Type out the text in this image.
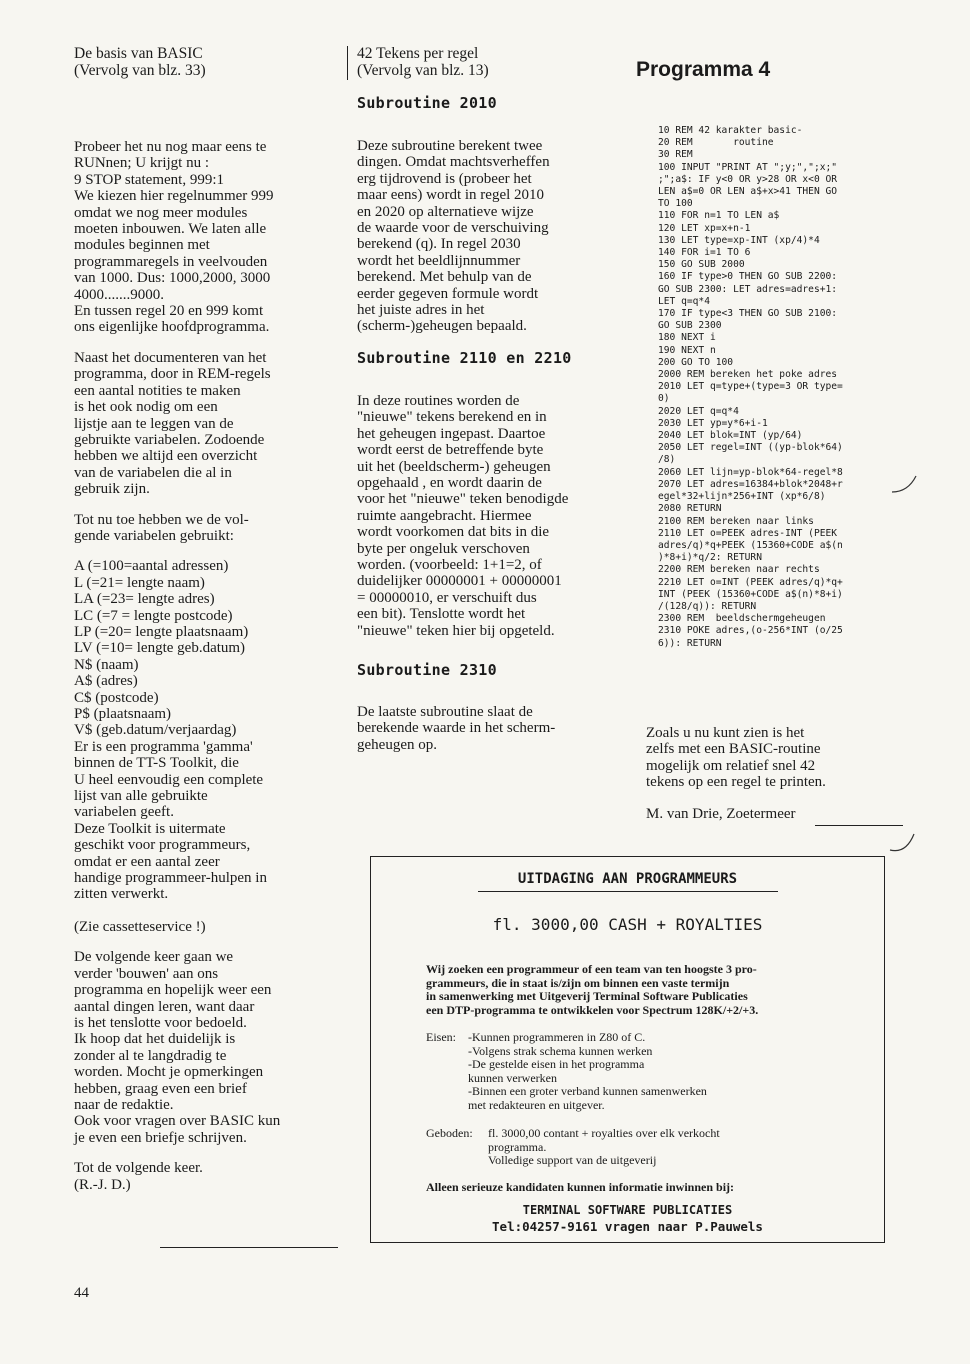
De basis van BASIC
(Vervolg van blz. 33)

Probeer het nu nog maar eens te
RUNnen; U krijgt nu :
9 STOP statement, 999:1
We kiezen hier regelnummer 999
omdat we nog meer modules
moeten inbouwen. We laten alle
modules beginnen met
programmaregels in veelvouden
van 1000. Dus: 1000,2000, 3000
4000.......9000.
En tussen regel 20 en 999 komt
ons eigenlijke hoofdprogramma.

Naast het documenteren van het
programma, door in REM-regels
een aantal notities te maken
is het ook nodig om een
lijstje aan te leggen van de
gebruikte variabelen. Zodoende
hebben we altijd een overzicht
van de variabelen die al in
gebruik zijn.

Tot nu toe hebben we de vol-
gende variabelen gebruikt:

A (=100=aantal adressen)
L (=21= lengte naam)
LA (=23= lengte adres)
LC (=7 = lengte postcode)
LP (=20= lengte plaatsnaam)
LV (=10= lengte geb.datum)
N$ (naam)
A$ (adres)
C$ (postcode)
P$ (plaatsnaam)
V$ (geb.datum/verjaardag)
Er is een programma 'gamma'
binnen de TT-S Toolkit, die
U heel eenvoudig een complete
lijst van alle gebruikte
variabelen geeft.
Deze Toolkit is uitermate
geschikt voor programmeurs,
omdat er een aantal zeer
handige programmeer-hulpen in
zitten verwerkt.

(Zie cassetteservice !)

De volgende keer gaan we
verder 'bouwen' aan ons
programma en hopelijk weer een
aantal dingen leren, want daar
is het tenslotte voor bedoeld.
Ik hoop dat het duidelijk is
zonder al te langdradig te
worden. Mocht je opmerkingen
hebben, graag even een brief
naar de redaktie.
Ook voor vragen over BASIC kun
je even een briefje schrijven.

Tot de volgende keer.
(R.-J. D.)

44

42 Tekens per regel
(Vervolg van blz. 13)

Subroutine 2010

Deze subroutine berekent twee
dingen. Omdat machtsverheffen
erg tijdrovend is (probeer het
maar eens) wordt in regel 2010
en 2020 op alternatieve wijze
de waarde voor de verschuiving
berekend (q). In regel 2030
wordt het beeldlijnnummer
berekend. Met behulp van de
eerder gegeven formule wordt
het juiste adres in het
(scherm-)geheugen bepaald.

Subroutine 2110 en 2210

In deze routines worden de
"nieuwe" tekens berekend en in
het geheugen ingepast. Daartoe
wordt eerst de betreffende byte
uit het (beeldscherm-) geheugen
opgehaald , en wordt daarin de
voor het "nieuwe" teken benodigde
ruimte aangebracht. Hiermee
wordt voorkomen dat bits in die
byte per ongeluk verschoven
worden. (voorbeeld: 1+1=2, of
duidelijker 00000001 + 00000001
= 00000010, er verschuift dus
een bit). Tenslotte wordt het
"nieuwe" teken hier bij opgeteld.

Subroutine 2310

De laatste subroutine slaat de
berekende waarde in het scherm-
geheugen op.

Programma 4

10 REM 42 karakter basic-
20 REM       routine
30 REM
100 INPUT "PRINT AT ";y;",";x;"
;";a$: IF y<0 OR y>28 OR x<0 OR
LEN a$=0 OR LEN a$+x>41 THEN GO
TO 100
110 FOR n=1 TO LEN a$
120 LET xp=x+n-1
130 LET type=xp-INT (xp/4)*4
140 FOR i=1 TO 6
150 GO SUB 2000
160 IF type>0 THEN GO SUB 2200:
GO SUB 2300: LET adres=adres+1:
LET q=q*4
170 IF type<3 THEN GO SUB 2100:
GO SUB 2300
180 NEXT i
190 NEXT n
200 GO TO 100
2000 REM bereken het poke adres
2010 LET q=type+(type=3 OR type=
0)
2020 LET q=q*4
2030 LET yp=y*6+i-1
2040 LET blok=INT (yp/64)
2050 LET regel=INT ((yp-blok*64)
/8)
2060 LET lijn=yp-blok*64-regel*8
2070 LET adres=16384+blok*2048+r
egel*32+lijn*256+INT (xp*6/8)
2080 RETURN
2100 REM bereken naar links
2110 LET o=PEEK adres-INT (PEEK
adres/q)*q+PEEK (15360+CODE a$(n
)*8+i)*q/2: RETURN
2200 REM bereken naar rechts
2210 LET o=INT (PEEK adres/q)*q+
INT (PEEK (15360+CODE a$(n)*8+i)
/(128/q)): RETURN
2300 REM  beeldschermgeheugen
2310 POKE adres,(o-256*INT (o/25
6)): RETURN

Zoals u nu kunt zien is het
zelfs met een BASIC-routine
mogelijk om relatief snel 42
tekens op een regel te printen.

M. van Drie, Zoetermeer

UITDAGING AAN PROGRAMMEURS
fl. 3000,00 CASH + ROYALTIES

Wij zoeken een programmeur of een team van ten hoogste 3 pro-
grammeurs, die in staat is/zijn om binnen een vaste termijn
in samenwerking met Uitgeverij Terminal Software Publicaties
een DTP-programma te ontwikkelen voor Spectrum 128K/+2/+3.

Eisen: -Kunnen programmeren in Z80 of C.
-Volgens strak schema kunnen werken
-De gestelde eisen in het programma
kunnen verwerken
-Binnen een groter verband kunnen samenwerken
met redakteuren en uitgever.

Geboden: fl. 3000,00 contant + royalties over elk verkocht
programma.
Volledige support van de uitgeverij

Alleen serieuze kandidaten kunnen informatie inwinnen bij:

TERMINAL SOFTWARE PUBLICATIES
Tel:04257-9161 vragen naar P.Pauwels
